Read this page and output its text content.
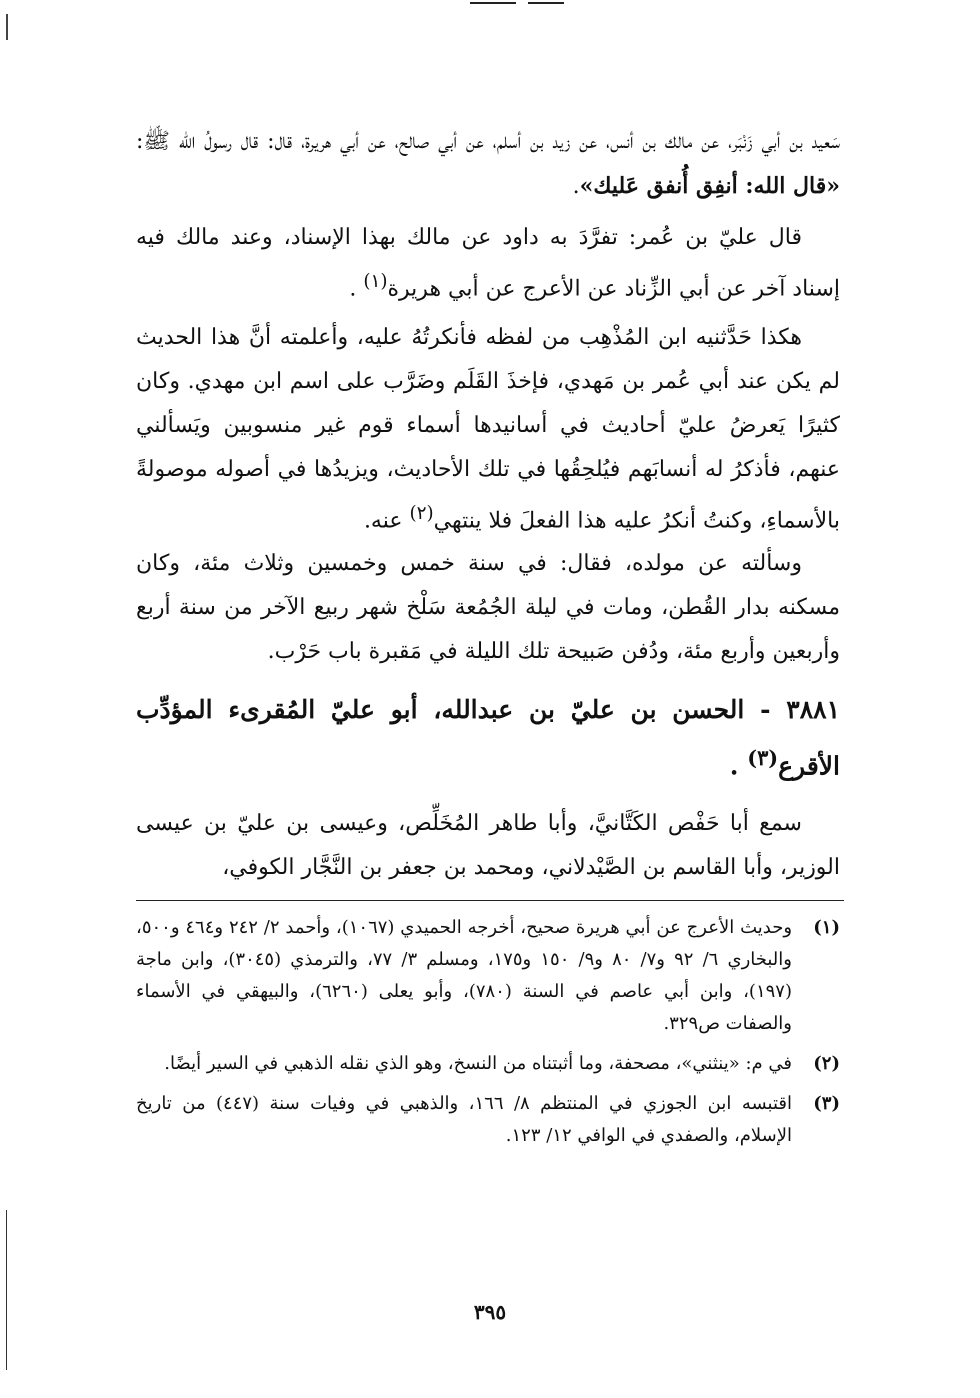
سَعيد بن أبي زَنْبَر، عن مالك بن أنس، عن زيد بن أسلم، عن أبي صالح، عن أبي هريرة، قال: قال رسولُ الله ﷺ: «قال الله: أنفِق أُنفق عَليك».

قال عليّ بن عُمر: تفرَّدَ به داود عن مالك بهذا الإسناد، وعند مالك فيه إسناد آخر عن أبي الزِّناد عن الأعرج عن أبي هريرة$^{(١)}$ .

هكذا حَدَّثنيه ابن المُذْهِب من لفظه فأنكرتُهُ عليه، وأعلمته أنَّ هذا الحديث لم يكن عند أبي عُمر بن مَهدي، فإخذَ القَلَم وضَرَّب على اسم ابن مهدي. وكان كثيرًا يَعرضُ عليّ أحاديث في أسانيدها أسماء قوم غير منسوبين ويَسألني عنهم، فأذكرُ له أنسابَهم فيُلحِقُها في تلك الأحاديث، ويزيدُها في أصوله موصولةً بالأسماءِ، وكنتُ أنكرُ عليه هذا الفعلَ فلا ينتهي$^{(٢)}$ عنه.

وسألته عن مولده، فقال: في سنة خمس وخمسين وثلاث مئة، وكان مسكنه بدار القُطن، ومات في ليلة الجُمُعة سَلْخ شهر ربيع الآخر من سنة أربع وأربعين وأربع مئة، ودُفن صَبيحة تلك الليلة في مَقبرة باب حَرْب.

٣٨٨١ - الحسن بن عليّ بن عبدالله، أبو عليّ المُقرىء المؤدِّب الأقرع$^{(٣)}$ .

سمع أبا حَفْص الكَتَّانيَّ، وأبا طاهر المُخَلِّص، وعيسى بن عليّ بن عيسى الوزير، وأبا القاسم بن الصَّيْدلاني، ومحمد بن جعفر بن النَّجَّار الكوفي،

(١)
وحديث الأعرج عن أبي هريرة صحيح، أخرجه الحميدي (١٠٦٧)، وأحمد ٢/ ٢٤٢ و٤٦٤ و٥٠٠، والبخاري ٦/ ٩٢ و٧/ ٨٠ و٩/ ١٥٠ و١٧٥، ومسلم ٣/ ٧٧، والترمذي (٣٠٤٥)، وابن ماجة (١٩٧)، وابن أبي عاصم في السنة (٧٨٠)، وأبو يعلى (٦٢٦٠)، والبيهقي في الأسماء والصفات ص٣٢٩.
(٢)
في م: «ينثني»، مصحفة، وما أثبتناه من النسخ، وهو الذي نقله الذهبي في السير أيضًا.
(٣)
اقتبسه ابن الجوزي في المنتظم ٨/ ١٦٦، والذهبي في وفيات سنة (٤٤٧) من تاريخ الإسلام، والصفدي في الوافي ١٢/ ١٢٣.
٣٩٥
